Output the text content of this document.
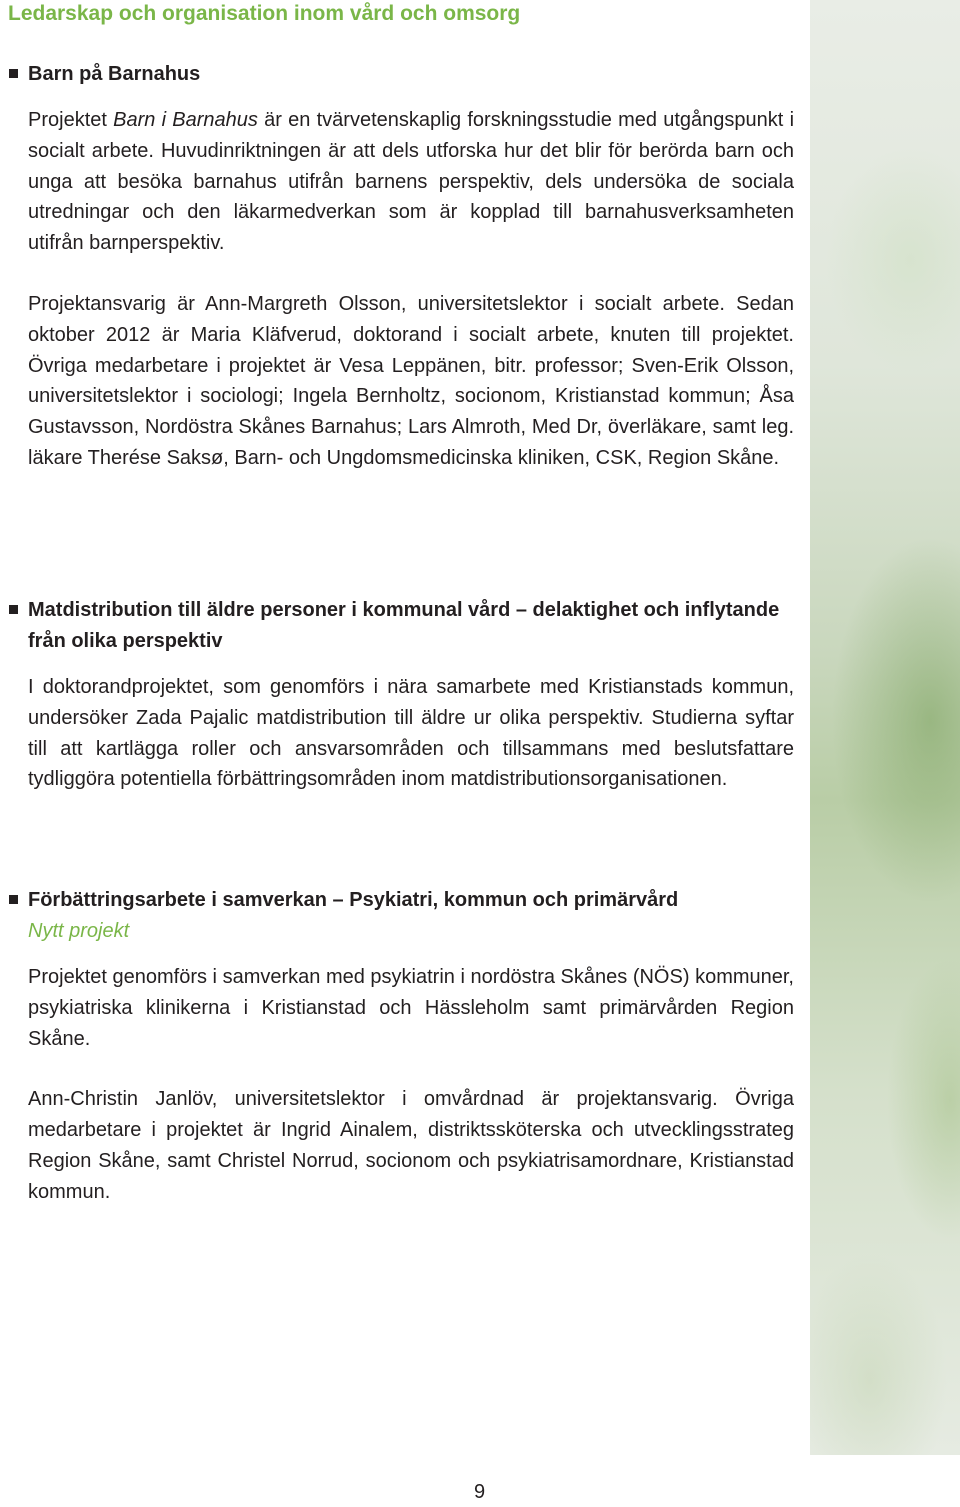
Ledarskap och organisation inom vård och omsorg
Barn på Barnahus

Projektet Barn i Barnahus är en tvärvetenskaplig forskningsstudie med utgångspunkt i socialt arbete. Huvudinriktningen är att dels utforska hur det blir för berörda barn och unga att besöka barnahus utifrån barnens perspektiv, dels undersöka de sociala utredningar och den läkarmedverkan som är kopplad till barnahusverksamheten utifrån barnperspektiv.

Projektansvarig är Ann-Margreth Olsson, universitetslektor i socialt arbete. Sedan oktober 2012 är Maria Kläfverud, doktorand i socialt arbete, knuten till projektet. Övriga medarbetare i projektet är Vesa Leppänen, bitr. professor; Sven-Erik Olsson, universitetslektor i sociologi; Ingela Bernholtz, socionom, Kristianstad kommun; Åsa Gustavsson, Nordöstra Skånes Barnahus; Lars Almroth, Med Dr, överläkare, samt leg. läkare Therése Saksø, Barn- och Ungdomsmedicinska kliniken, CSK, Region Skåne.

Matdistribution till äldre personer i kommunal vård – delaktighet och inflytande från olika perspektiv

I doktorandprojektet, som genomförs i nära samarbete med Kristianstads kommun, undersöker Zada Pajalic matdistribution till äldre ur olika perspektiv. Studierna syftar till att kartlägga roller och ansvarsområden och tillsammans med beslutsfattare tydliggöra potentiella förbättringsområden inom matdistributionsorganisationen.

Förbättringsarbete i samverkan – Psykiatri, kommun och primärvård
Nytt projekt

Projektet genomförs i samverkan med psykiatrin i nordöstra Skånes (NÖS) kommuner, psykiatriska klinikerna i Kristianstad och Hässleholm samt primärvården Region Skåne.

Ann-Christin Janlöv, universitetslektor i omvårdnad är projektansvarig. Övriga medarbetare i projektet är Ingrid Ainalem, distriktssköterska och utvecklingsstrateg Region Skåne, samt Christel Norrud, socionom och psykiatrisamordnare, Kristianstad kommun.

9
